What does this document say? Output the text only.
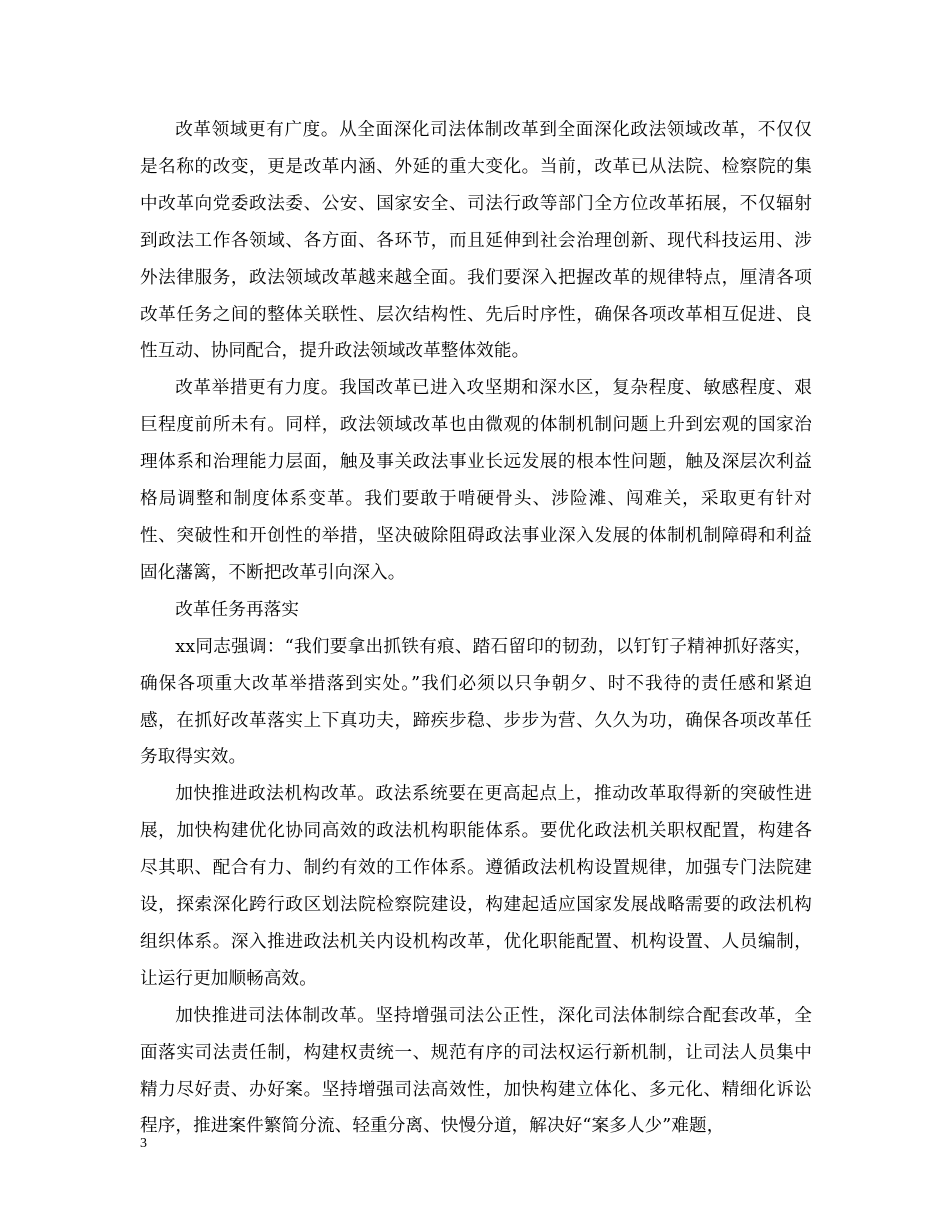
改革领域更有广度。从全面深化司法体制改革到全面深化政法领域改革，不仅仅是名称的改变，更是改革内涵、外延的重大变化。当前，改革已从法院、检察院的集中改革向党委政法委、公安、国家安全、司法行政等部门全方位改革拓展，不仅辐射到政法工作各领域、各方面、各环节，而且延伸到社会治理创新、现代科技运用、涉外法律服务，政法领域改革越来越全面。我们要深入把握改革的规律特点，厘清各项改革任务之间的整体关联性、层次结构性、先后时序性，确保各项改革相互促进、良性互动、协同配合，提升政法领域改革整体效能。

改革举措更有力度。我国改革已进入攻坚期和深水区，复杂程度、敏感程度、艰巨程度前所未有。同样，政法领域改革也由微观的体制机制问题上升到宏观的国家治理体系和治理能力层面，触及事关政法事业长远发展的根本性问题，触及深层次利益格局调整和制度体系变革。我们要敢于啃硬骨头、涉险滩、闯难关，采取更有针对性、突破性和开创性的举措，坚决破除阻碍政法事业深入发展的体制机制障碍和利益固化藩篱，不断把改革引向深入。

改革任务再落实

xx同志强调：“我们要拿出抓铁有痕、踏石留印的韧劲，以钉钉子精神抓好落实，确保各项重大改革举措落到实处。”我们必须以只争朝夕、时不我待的责任感和紧迫感，在抓好改革落实上下真功夫，蹄疾步稳、步步为营、久久为功，确保各项改革任务取得实效。

加快推进政法机构改革。政法系统要在更高起点上，推动改革取得新的突破性进展，加快构建优化协同高效的政法机构职能体系。要优化政法机关职权配置，构建各尽其职、配合有力、制约有效的工作体系。遵循政法机构设置规律，加强专门法院建设，探索深化跨行政区划法院检察院建设，构建起适应国家发展战略需要的政法机构组织体系。深入推进政法机关内设机构改革，优化职能配置、机构设置、人员编制，让运行更加顺畅高效。

加快推进司法体制改革。坚持增强司法公正性，深化司法体制综合配套改革，全面落实司法责任制，构建权责统一、规范有序的司法权运行新机制，让司法人员集中精力尽好责、办好案。坚持增强司法高效性，加快构建立体化、多元化、精细化诉讼程序，推进案件繁简分流、轻重分离、快慢分道，解决好“案多人少”难题，

3
